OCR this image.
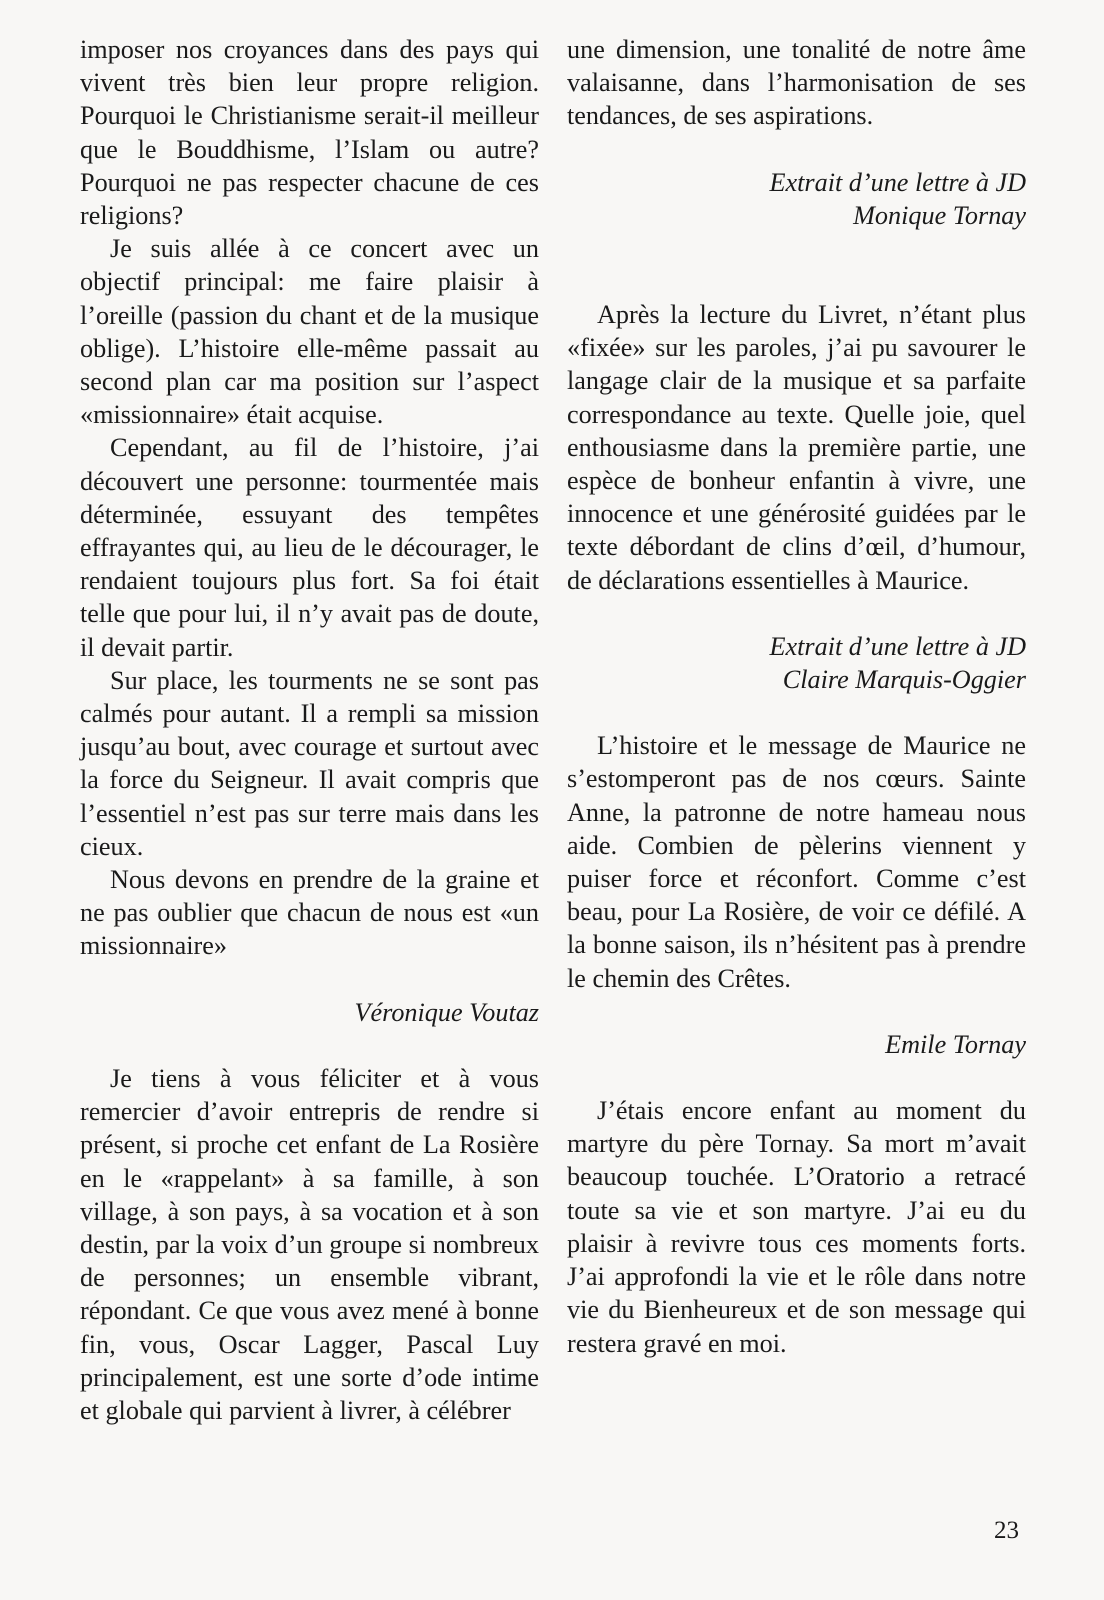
imposer nos croyances dans des pays qui vivent très bien leur propre religion. Pourquoi le Christianisme serait-il meilleur que le Bouddhisme, l’Islam ou autre? Pourquoi ne pas respecter chacune de ces religions?

Je suis allée à ce concert avec un objectif principal: me faire plaisir à l’oreille (passion du chant et de la musique oblige). L’histoire elle-même passait au second plan car ma position sur l’aspect «missionnaire» était acquise.

Cependant, au fil de l’histoire, j’ai découvert une personne: tourmentée mais déterminée, essuyant des tempêtes effrayantes qui, au lieu de le décourager, le rendaient toujours plus fort. Sa foi était telle que pour lui, il n’y avait pas de doute, il devait partir.

Sur place, les tourments ne se sont pas calmés pour autant. Il a rempli sa mission jusqu’au bout, avec courage et surtout avec la force du Seigneur. Il avait compris que l’essentiel n’est pas sur terre mais dans les cieux.

Nous devons en prendre de la graine et ne pas oublier que chacun de nous est «un missionnaire»

Véronique Voutaz

Je tiens à vous féliciter et à vous remercier d’avoir entrepris de rendre si présent, si proche cet enfant de La Rosière en le «rappelant» à sa famille, à son village, à son pays, à sa vocation et à son destin, par la voix d’un groupe si nombreux de personnes; un ensemble vibrant, répondant. Ce que vous avez mené à bonne fin, vous, Oscar Lagger, Pascal Luy principalement, est une sorte d’ode intime et globale qui parvient à livrer, à célébrer

une dimension, une tonalité de notre âme valaisanne, dans l’harmonisation de ses tendances, de ses aspirations.

Extrait d’une lettre à JD

Monique Tornay

Après la lecture du Livret, n’étant plus «fixée» sur les paroles, j’ai pu savourer le langage clair de la musique et sa parfaite correspondance au texte. Quelle joie, quel enthousiasme dans la première partie, une espèce de bonheur enfantin à vivre, une innocence et une générosité guidées par le texte débordant de clins d’œil, d’humour, de déclarations essentielles à Maurice.

Extrait d’une lettre à JD

Claire Marquis-Oggier

L’histoire et le message de Maurice ne s’estomperont pas de nos cœurs. Sainte Anne, la patronne de notre hameau nous aide. Combien de pèlerins viennent y puiser force et réconfort. Comme c’est beau, pour La Rosière, de voir ce défilé. A la bonne saison, ils n’hésitent pas à prendre le chemin des Crêtes.

Emile Tornay

J’étais encore enfant au moment du martyre du père Tornay. Sa mort m’avait beaucoup touchée. L’Oratorio a retracé toute sa vie et son martyre. J’ai eu du plaisir à revivre tous ces moments forts. J’ai approfondi la vie et le rôle dans notre vie du Bienheureux et de son message qui restera gravé en moi.

23
